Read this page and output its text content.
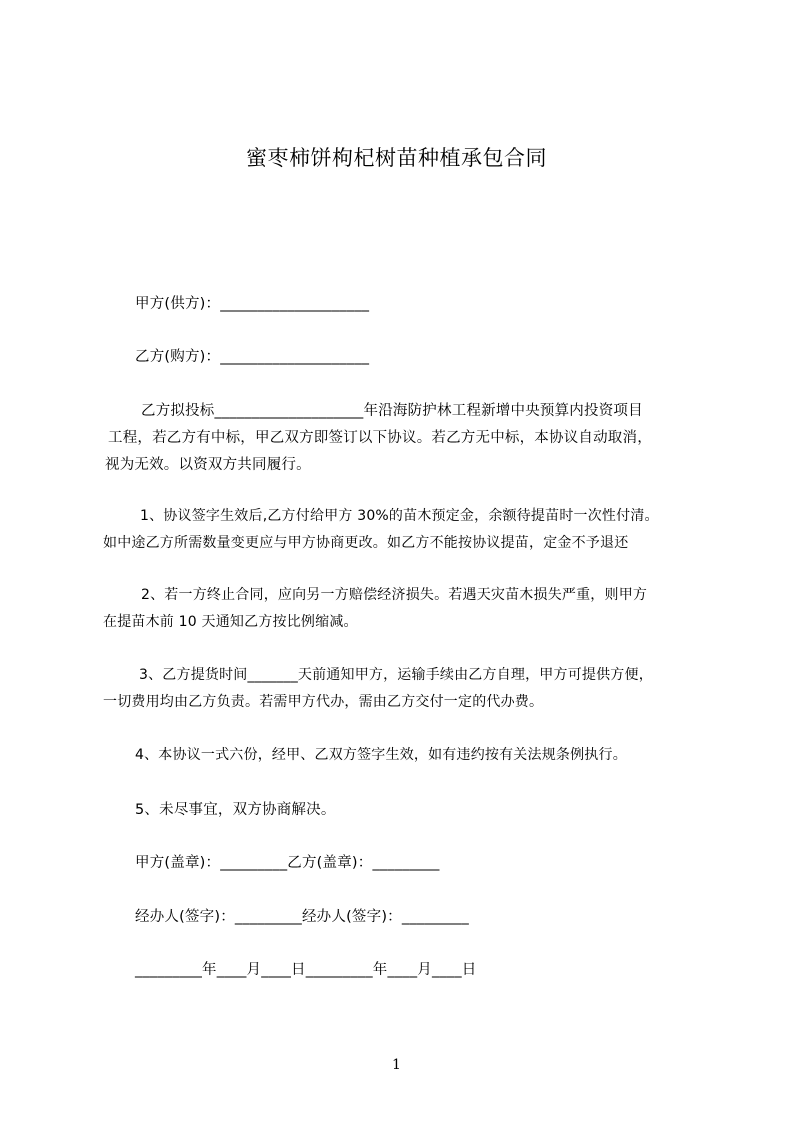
蜜枣柿饼枸杞树苗种植承包合同
甲方(供方)：____________________
乙方(购方)：____________________
乙方拟投标____________________年沿海防护林工程新增中央预算内投资项目
工程，若乙方有中标，甲乙双方即签订以下协议。若乙方无中标，本协议自动取消，
视为无效。以资双方共同履行。
1、协议签字生效后,乙方付给甲方 30%的苗木预定金，余额待提苗时一次性付清。
如中途乙方所需数量变更应与甲方协商更改。如乙方不能按协议提苗，定金不予退还
2、若一方终止合同，应向另一方赔偿经济损失。若遇天灾苗木损失严重，则甲方
在提苗木前 10 天通知乙方按比例缩减。
3、乙方提货时间_______天前通知甲方，运输手续由乙方自理，甲方可提供方便，
一切费用均由乙方负责。若需甲方代办，需由乙方交付一定的代办费。
4、本协议一式六份，经甲、乙双方签字生效，如有违约按有关法规条例执行。
5、未尽事宜，双方协商解决。
甲方(盖章)：_________乙方(盖章)：_________
经办人(签字)：_________经办人(签字)：_________
_________年____月____日_________年____月____日
1
